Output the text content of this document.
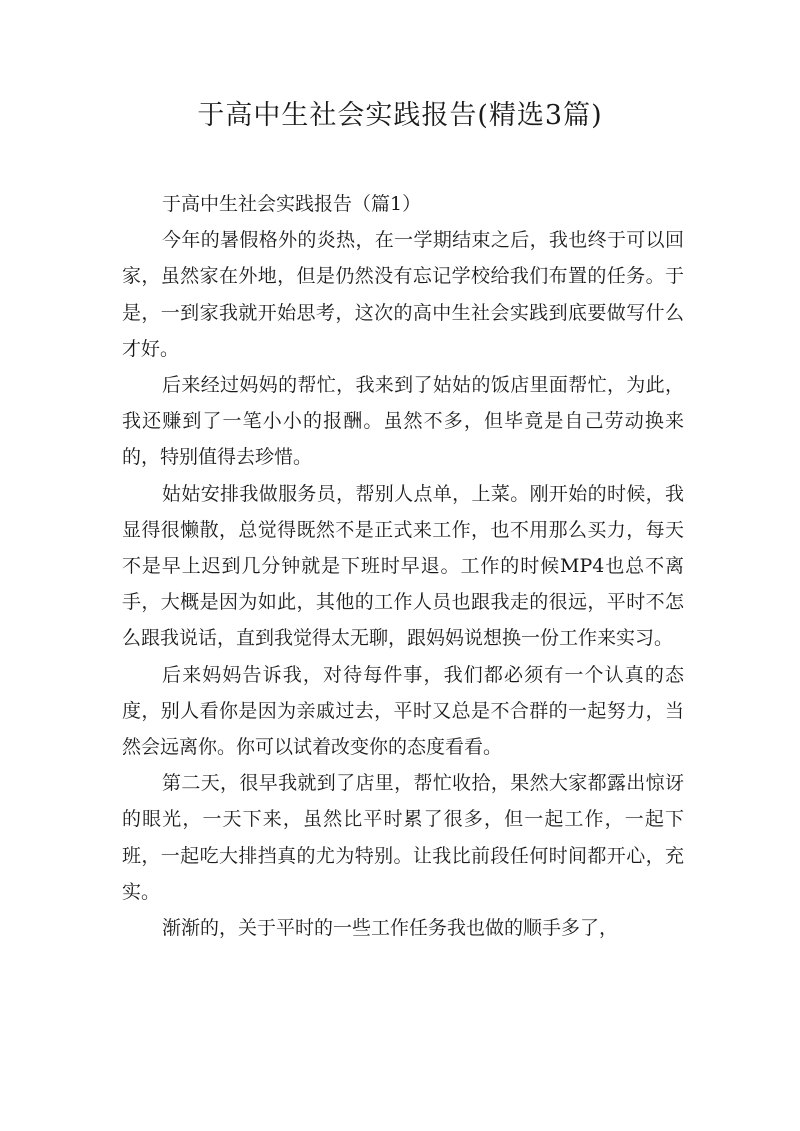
于高中生社会实践报告(精选3篇)

于高中生社会实践报告（篇1）

今年的暑假格外的炎热，在一学期结束之后，我也终于可以回家，虽然家在外地，但是仍然没有忘记学校给我们布置的任务。于是，一到家我就开始思考，这次的高中生社会实践到底要做写什么才好。

后来经过妈妈的帮忙，我来到了姑姑的饭店里面帮忙，为此，我还赚到了一笔小小的报酬。虽然不多，但毕竟是自己劳动换来的，特别值得去珍惜。

姑姑安排我做服务员，帮别人点单，上菜。刚开始的时候，我显得很懒散，总觉得既然不是正式来工作，也不用那么买力，每天不是早上迟到几分钟就是下班时早退。工作的时候MP4也总不离手，大概是因为如此，其他的工作人员也跟我走的很远，平时不怎么跟我说话，直到我觉得太无聊，跟妈妈说想换一份工作来实习。

后来妈妈告诉我，对待每件事，我们都必须有一个认真的态度，别人看你是因为亲戚过去，平时又总是不合群的一起努力，当然会远离你。你可以试着改变你的态度看看。

第二天，很早我就到了店里，帮忙收拾，果然大家都露出惊讶的眼光，一天下来，虽然比平时累了很多，但一起工作，一起下班，一起吃大排挡真的尤为特别。让我比前段任何时间都开心，充实。

渐渐的，关于平时的一些工作任务我也做的顺手多了，
